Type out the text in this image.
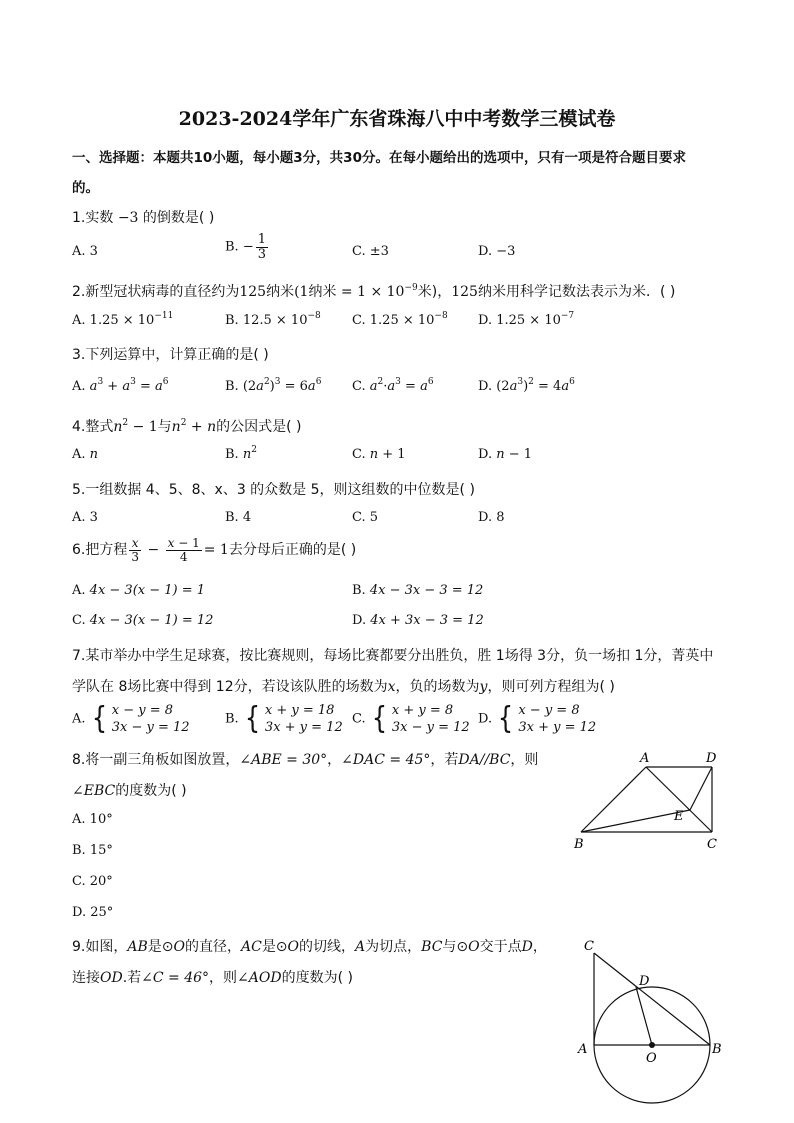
2023-2024学年广东省珠海八中中考数学三模试卷
一、选择题：本题共10小题，每小题3分，共30分。在每小题给出的选项中，只有一项是符合题目要求
的。
1.实数 −3 的倒数是( )
A. 3	B. − $\frac{1}{3}$	C. ±3	D. −3
2.新型冠状病毒的直径约为125纳米(1纳米 = $1 \times 10^{-9}$米)，125纳米用科学记数法表示为米．( )
A. $1.25 \times 10^{-11}$	B. $12.5 \times 10^{-8}$ C. $1.25 \times 10^{-8}$ D. $1.25 \times 10^{-7}$
3.下列运算中，计算正确的是( )
A. $a^3 + a^3 = a^6$	B. $(2a^2)^3 = 6a^6$ C. $a^2\cdot a^3 = a^6$	D. $(2a^3)^2 = 4a^6$
4.整式$n^2 - 1$与$n^2 + n$的公因式是( )
A. n	B. $n^2$	C. n + 1	D. n − 1
5.一组数据 4、5、8、x、3 的众数是 5，则这组数的中位数是( )
A. 3	B. 4	C. 5	D. 8
6.把方程 $\frac{x}{3} - \frac{x - 1}{4} = 1$去分母后正确的是( )
A. 4x − 3(x − 1) = 1	B. 4x − 3x − 3 = 12
C. 4x − 3(x − 1) = 12	D. 4x + 3x − 3 = 12
7.某市举办中学生足球赛，按比赛规则，每场比赛都要分出胜负，胜 1场得 3分，负一场扣 1分，菁英中
学队在 8场比赛中得到 12分，若设该队胜的场数为x，负的场数为y，则可列方程组为( )
A. { x − y = 8
3x − y = 12
B. { x + y = 18
3x + y = 12
C. { x + y = 8
3x − y = 12
D. { x − y = 8
3x + y = 12
8.将一副三角板如图放置，∠ABE = 30°，∠DAC = 45°，若DA//BC，则
∠EBC的度数为( )
A. 10°
B. 15°
C. 20°
D. 25°
A	D
E
B	C
9.如图，AB是⊙O的直径，AC是⊙O的切线，A为切点，BC与⊙O交于点D，
连接OD.若∠C = 46°，则∠AOD的度数为( )
C
D
A
O
B
